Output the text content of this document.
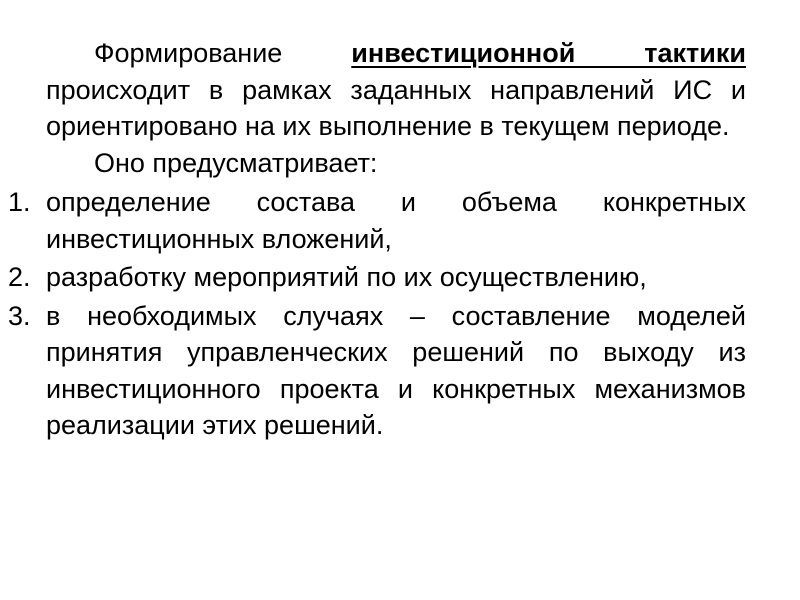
Формирование инвестиционной тактики происходит в рамках заданных направлений ИС и ориентировано на их выполнение в текущем периоде.

Оно предусматривает:

1. определение состава и объема конкретных инвестиционных вложений,
2. разработку мероприятий по их осуществлению,
3. в необходимых случаях – составление моделей принятия управленческих решений по выходу из инвестиционного проекта и конкретных механизмов реализации этих решений.
